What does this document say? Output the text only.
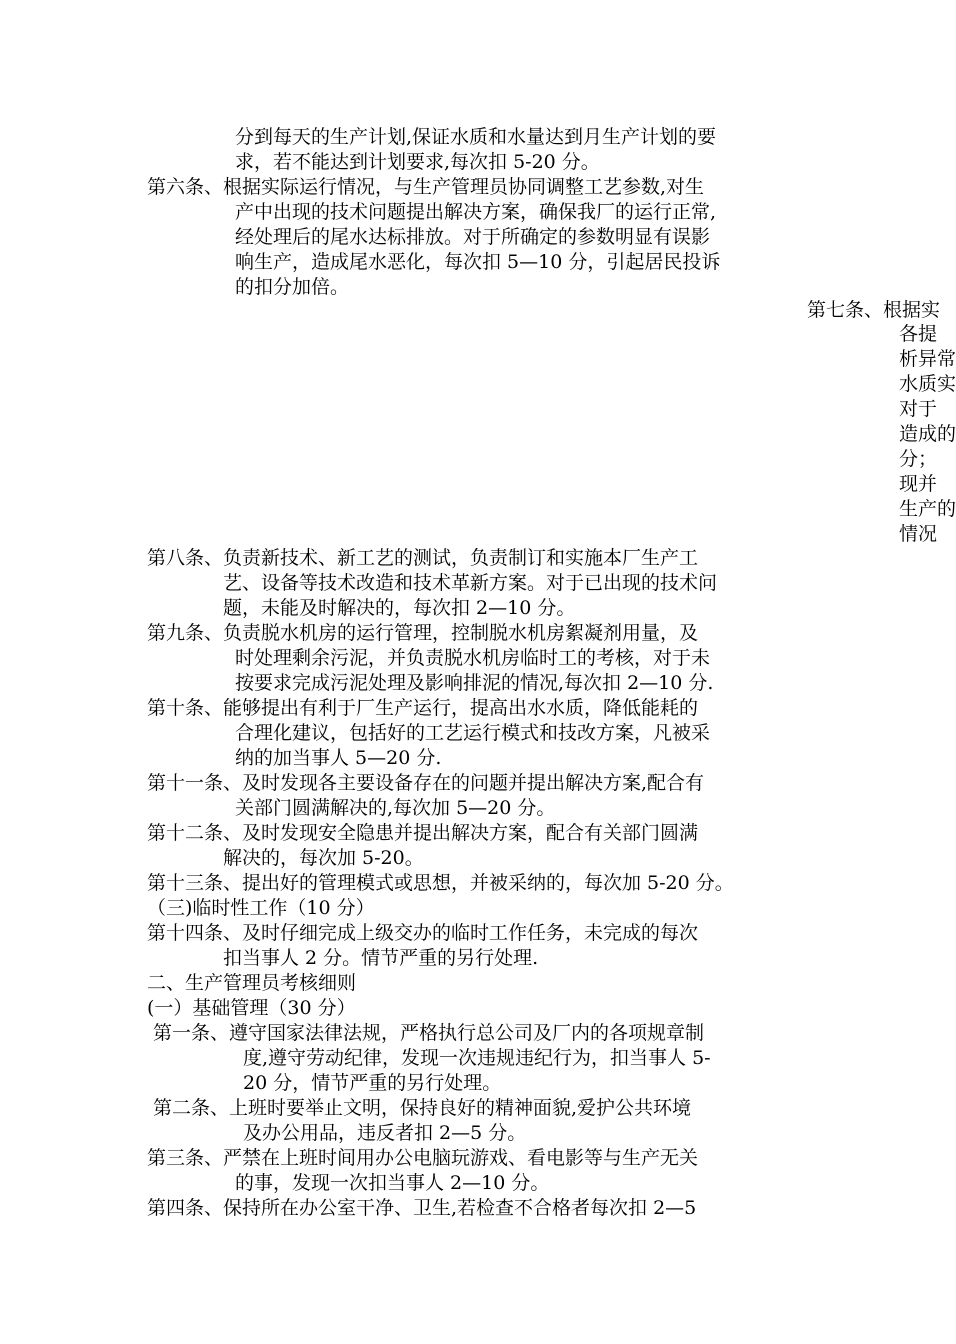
分到每天的生产计划,保证水质和水量达到月生产计划的要
求，若不能达到计划要求,每次扣 5-20 分。
第六条、根据实际运行情况，与生产管理员协同调整工艺参数,对生
产中出现的技术问题提出解决方案，确保我厂的运行正常,
经处理后的尾水达标排放。对于所确定的参数明显有误影
响生产，造成尾水恶化，每次扣 5—10 分，引起居民投诉
的扣分加倍。
第七条、根据实
各提
析异常
水质实
对于
造成的
分；
现并
生产的
情况
第八条、负责新技术、新工艺的测试，负责制订和实施本厂生产工
艺、设备等技术改造和技术革新方案。对于已出现的技术问
题，未能及时解决的，每次扣 2—10 分。
第九条、负责脱水机房的运行管理，控制脱水机房絮凝剂用量，及
时处理剩余污泥，并负责脱水机房临时工的考核，对于未
按要求完成污泥处理及影响排泥的情况,每次扣 2—10 分.
第十条、能够提出有利于厂生产运行，提高出水水质，降低能耗的
合理化建议，包括好的工艺运行模式和技改方案，凡被采
纳的加当事人 5—20 分.
第十一条、及时发现各主要设备存在的问题并提出解决方案,配合有
关部门圆满解决的,每次加 5—20 分。
第十二条、及时发现安全隐患并提出解决方案，配合有关部门圆满
解决的，每次加 5-20。
第十三条、提出好的管理模式或思想，并被采纳的，每次加 5-20 分。
（三)临时性工作（10 分）
第十四条、及时仔细完成上级交办的临时工作任务，未完成的每次
扣当事人 2 分。情节严重的另行处理.
二、生产管理员考核细则
(一）基础管理（30 分）
第一条、遵守国家法律法规，严格执行总公司及厂内的各项规章制
度,遵守劳动纪律，发现一次违规违纪行为，扣当事人 5-
20 分，情节严重的另行处理。
第二条、上班时要举止文明，保持良好的精神面貌,爱护公共环境
及办公用品，违反者扣 2—5 分。
第三条、严禁在上班时间用办公电脑玩游戏、看电影等与生产无关
的事，发现一次扣当事人 2—10 分。
第四条、保持所在办公室干净、卫生,若检查不合格者每次扣 2—5
